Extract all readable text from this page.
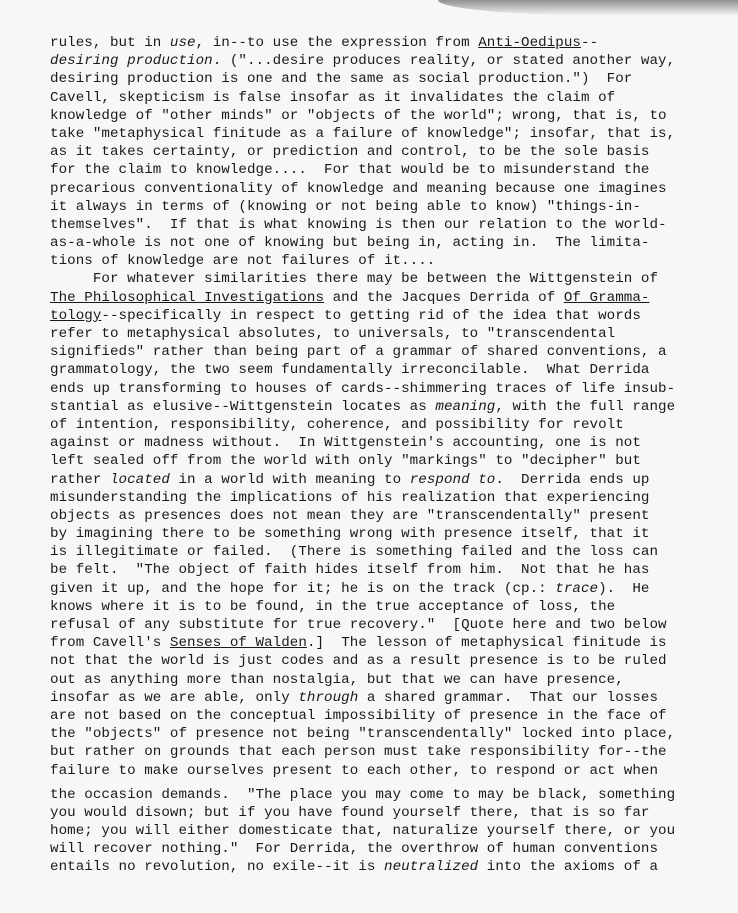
rules, but in use, in--to use the expression from Anti-Oedipus--
desiring production. ("...desire produces reality, or stated another way,
desiring production is one and the same as social production.")  For
Cavell, skepticism is false insofar as it invalidates the claim of
knowledge of "other minds" or "objects of the world"; wrong, that is, to
take "metaphysical finitude as a failure of knowledge"; insofar, that is,
as it takes certainty, or prediction and control, to be the sole basis
for the claim to knowledge....  For that would be to misunderstand the
precarious conventionality of knowledge and meaning because one imagines
it always in terms of (knowing or not being able to know) "things-in-
themselves".  If that is what knowing is then our relation to the world-
as-a-whole is not one of knowing but being in, acting in.  The limita-
tions of knowledge are not failures of it....
For whatever similarities there may be between the Wittgenstein of
The Philosophical Investigations and the Jacques Derrida of Of Gramma-
tology--specifically in respect to getting rid of the idea that words
refer to metaphysical absolutes, to universals, to "transcendental
signifieds" rather than being part of a grammar of shared conventions, a
grammatology, the two seem fundamentally irreconcilable.  What Derrida
ends up transforming to houses of cards--shimmering traces of life insub-
stantial as elusive--Wittgenstein locates as meaning, with the full range
of intention, responsibility, coherence, and possibility for revolt
against or madness without.  In Wittgenstein's accounting, one is not
left sealed off from the world with only "markings" to "decipher" but
rather located in a world with meaning to respond to.  Derrida ends up
misunderstanding the implications of his realization that experiencing
objects as presences does not mean they are "transcendentally" present
by imagining there to be something wrong with presence itself, that it
is illegitimate or failed.  (There is something failed and the loss can
be felt.  "The object of faith hides itself from him.  Not that he has
given it up, and the hope for it; he is on the track (cp.: trace).  He
knows where it is to be found, in the true acceptance of loss, the
refusal of any substitute for true recovery."  [Quote here and two below
from Cavell's Senses of Walden.]  The lesson of metaphysical finitude is
not that the world is just codes and as a result presence is to be ruled
out as anything more than nostalgia, but that we can have presence,
insofar as we are able, only through a shared grammar.  That our losses
are not based on the conceptual impossibility of presence in the face of
the "objects" of presence not being "transcendentally" locked into place,
but rather on grounds that each person must take responsibility for--the
failure to make ourselves present to each other, to respond or act when
the occasion demands.  "The place you may come to may be black, something
you would disown; but if you have found yourself there, that is so far
home; you will either domesticate that, naturalize yourself there, or you
will recover nothing."  For Derrida, the overthrow of human conventions
entails no revolution, no exile--it is neutralized into the axioms of a
